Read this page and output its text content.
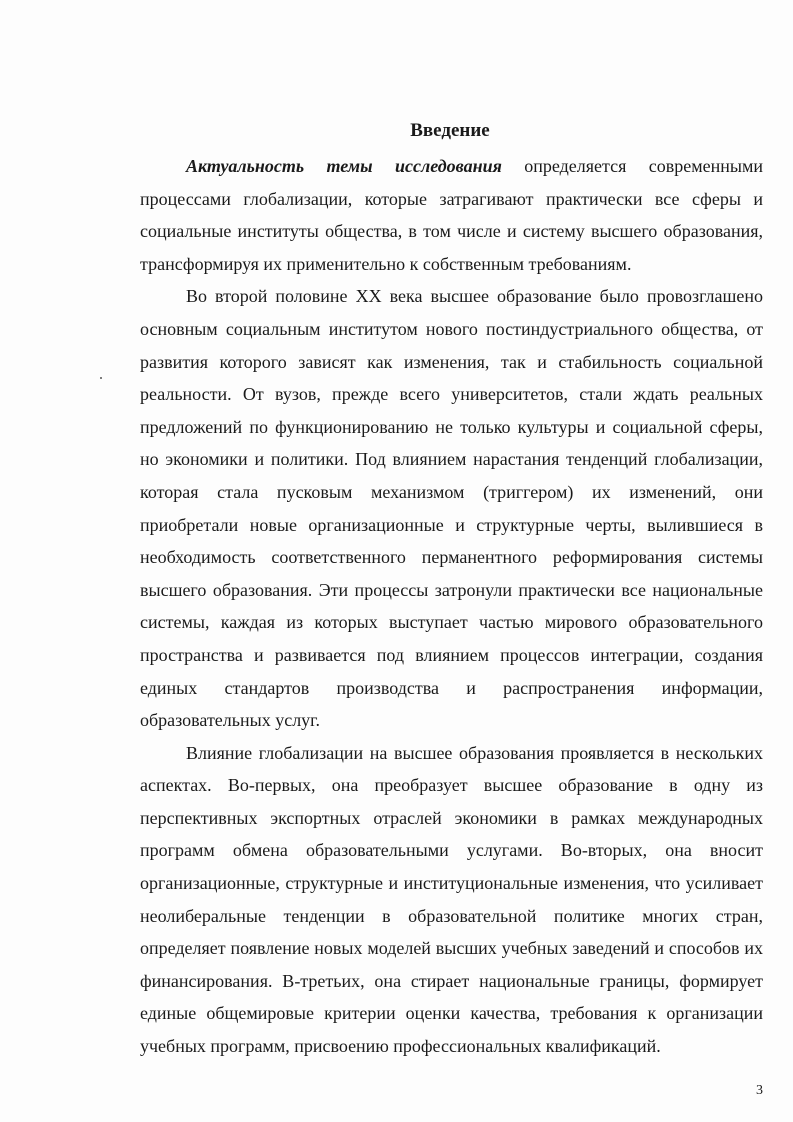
Введение

Актуальность темы исследования определяется современными процессами глобализации, которые затрагивают практически все сферы и социальные институты общества, в том числе и систему высшего образования, трансформируя их применительно к собственным требованиям.

Во второй половине XX века высшее образование было провозглашено основным социальным институтом нового постиндустриального общества, от развития которого зависят как изменения, так и стабильность социальной реальности. От вузов, прежде всего университетов, стали ждать реальных предложений по функционированию не только культуры и социальной сферы, но экономики и политики. Под влиянием нарастания тенденций глобализации, которая стала пусковым механизмом (триггером) их изменений, они приобретали новые организационные и структурные черты, вылившиеся в необходимость соответственного перманентного реформирования системы высшего образования. Эти процессы затронули практически все национальные системы, каждая из которых выступает частью мирового образовательного пространства и развивается под влиянием процессов интеграции, создания единых стандартов производства и распространения информации, образовательных услуг.

Влияние глобализации на высшее образования проявляется в нескольких аспектах. Во-первых, она преобразует высшее образование в одну из перспективных экспортных отраслей экономики в рамках международных программ обмена образовательными услугами. Во-вторых, она вносит организационные, структурные и институциональные изменения, что усиливает неолиберальные тенденции в образовательной политике многих стран, определяет появление новых моделей высших учебных заведений и способов их финансирования. В-третьих, она стирает национальные границы, формирует единые общемировые критерии оценки качества, требования к организации учебных программ, присвоению профессиональных квалификаций.

3
